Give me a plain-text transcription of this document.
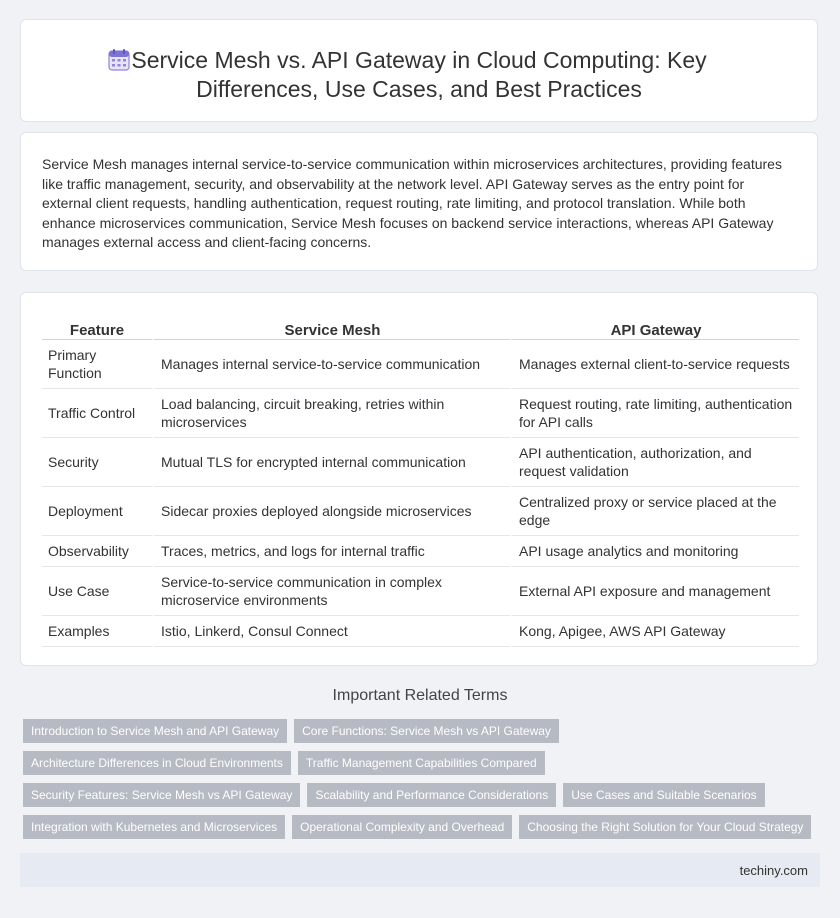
Service Mesh vs. API Gateway in Cloud Computing: Key
Differences, Use Cases, and Best Practices
Service Mesh manages internal service-to-service communication within microservices architectures, providing features like traffic management, security, and observability at the network level. API Gateway serves as the entry point for external client requests, handling authentication, request routing, rate limiting, and protocol translation. While both enhance microservices communication, Service Mesh focuses on backend service interactions, whereas API Gateway manages external access and client-facing concerns.
Feature	Service Mesh	API Gateway
Primary Function	Manages internal service-to-service communication	Manages external client-to-service requests
Traffic Control	Load balancing, circuit breaking, retries within microservices	Request routing, rate limiting, authentication for API calls
Security	Mutual TLS for encrypted internal communication	API authentication, authorization, and request validation
Deployment	Sidecar proxies deployed alongside microservices	Centralized proxy or service placed at the edge
Observability	Traces, metrics, and logs for internal traffic	API usage analytics and monitoring
Use Case	Service-to-service communication in complex microservice environments	External API exposure and management
Examples	Istio, Linkerd, Consul Connect	Kong, Apigee, AWS API Gateway
Important Related Terms
Introduction to Service Mesh and API Gateway	Core Functions: Service Mesh vs API Gateway
Architecture Differences in Cloud Environments	Traffic Management Capabilities Compared
Security Features: Service Mesh vs API Gateway	Scalability and Performance Considerations	Use Cases and Suitable Scenarios
Integration with Kubernetes and Microservices	Operational Complexity and Overhead	Choosing the Right Solution for Your Cloud Strategy
techiny.com
